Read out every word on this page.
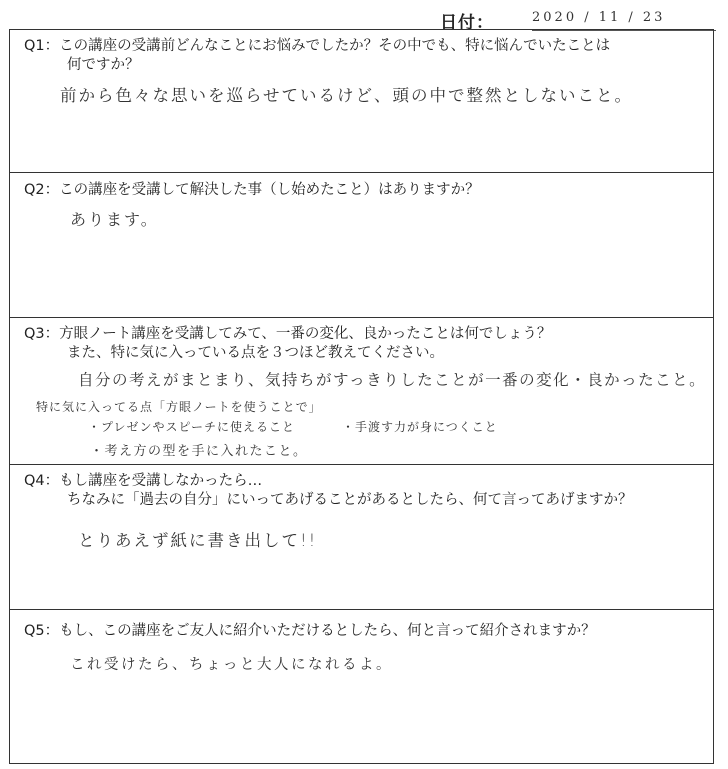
日付：	2020 / 11 / 23
Q1：この講座の受講前どんなことにお悩みでしたか？その中でも、特に悩んでいたことは
何ですか？
前から色々な思いを巡らせているけど、頭の中で整然としないこと。
Q2：この講座を受講して解決した事（し始めたこと）はありますか？
あります。
Q3：方眼ノート講座を受講してみて、一番の変化、良かったことは何でしょう？
また、特に気に入っている点を３つほど教えてください。
自分の考えがまとまり、気持ちがすっきりしたことが一番の変化・良かったこと。
特に気に入ってる点「方眼ノートを使うことで」
・プレゼンやスピーチに使えること	・手渡す力が身につくこと
・考え方の型を手に入れたこと。
Q4：もし講座を受講しなかったら…
ちなみに「過去の自分」にいってあげることがあるとしたら、何て言ってあげますか？
とりあえず紙に書き出して!!
Q5：もし、この講座をご友人に紹介いただけるとしたら、何と言って紹介されますか？
これ受けたら、ちょっと大人になれるよ。
